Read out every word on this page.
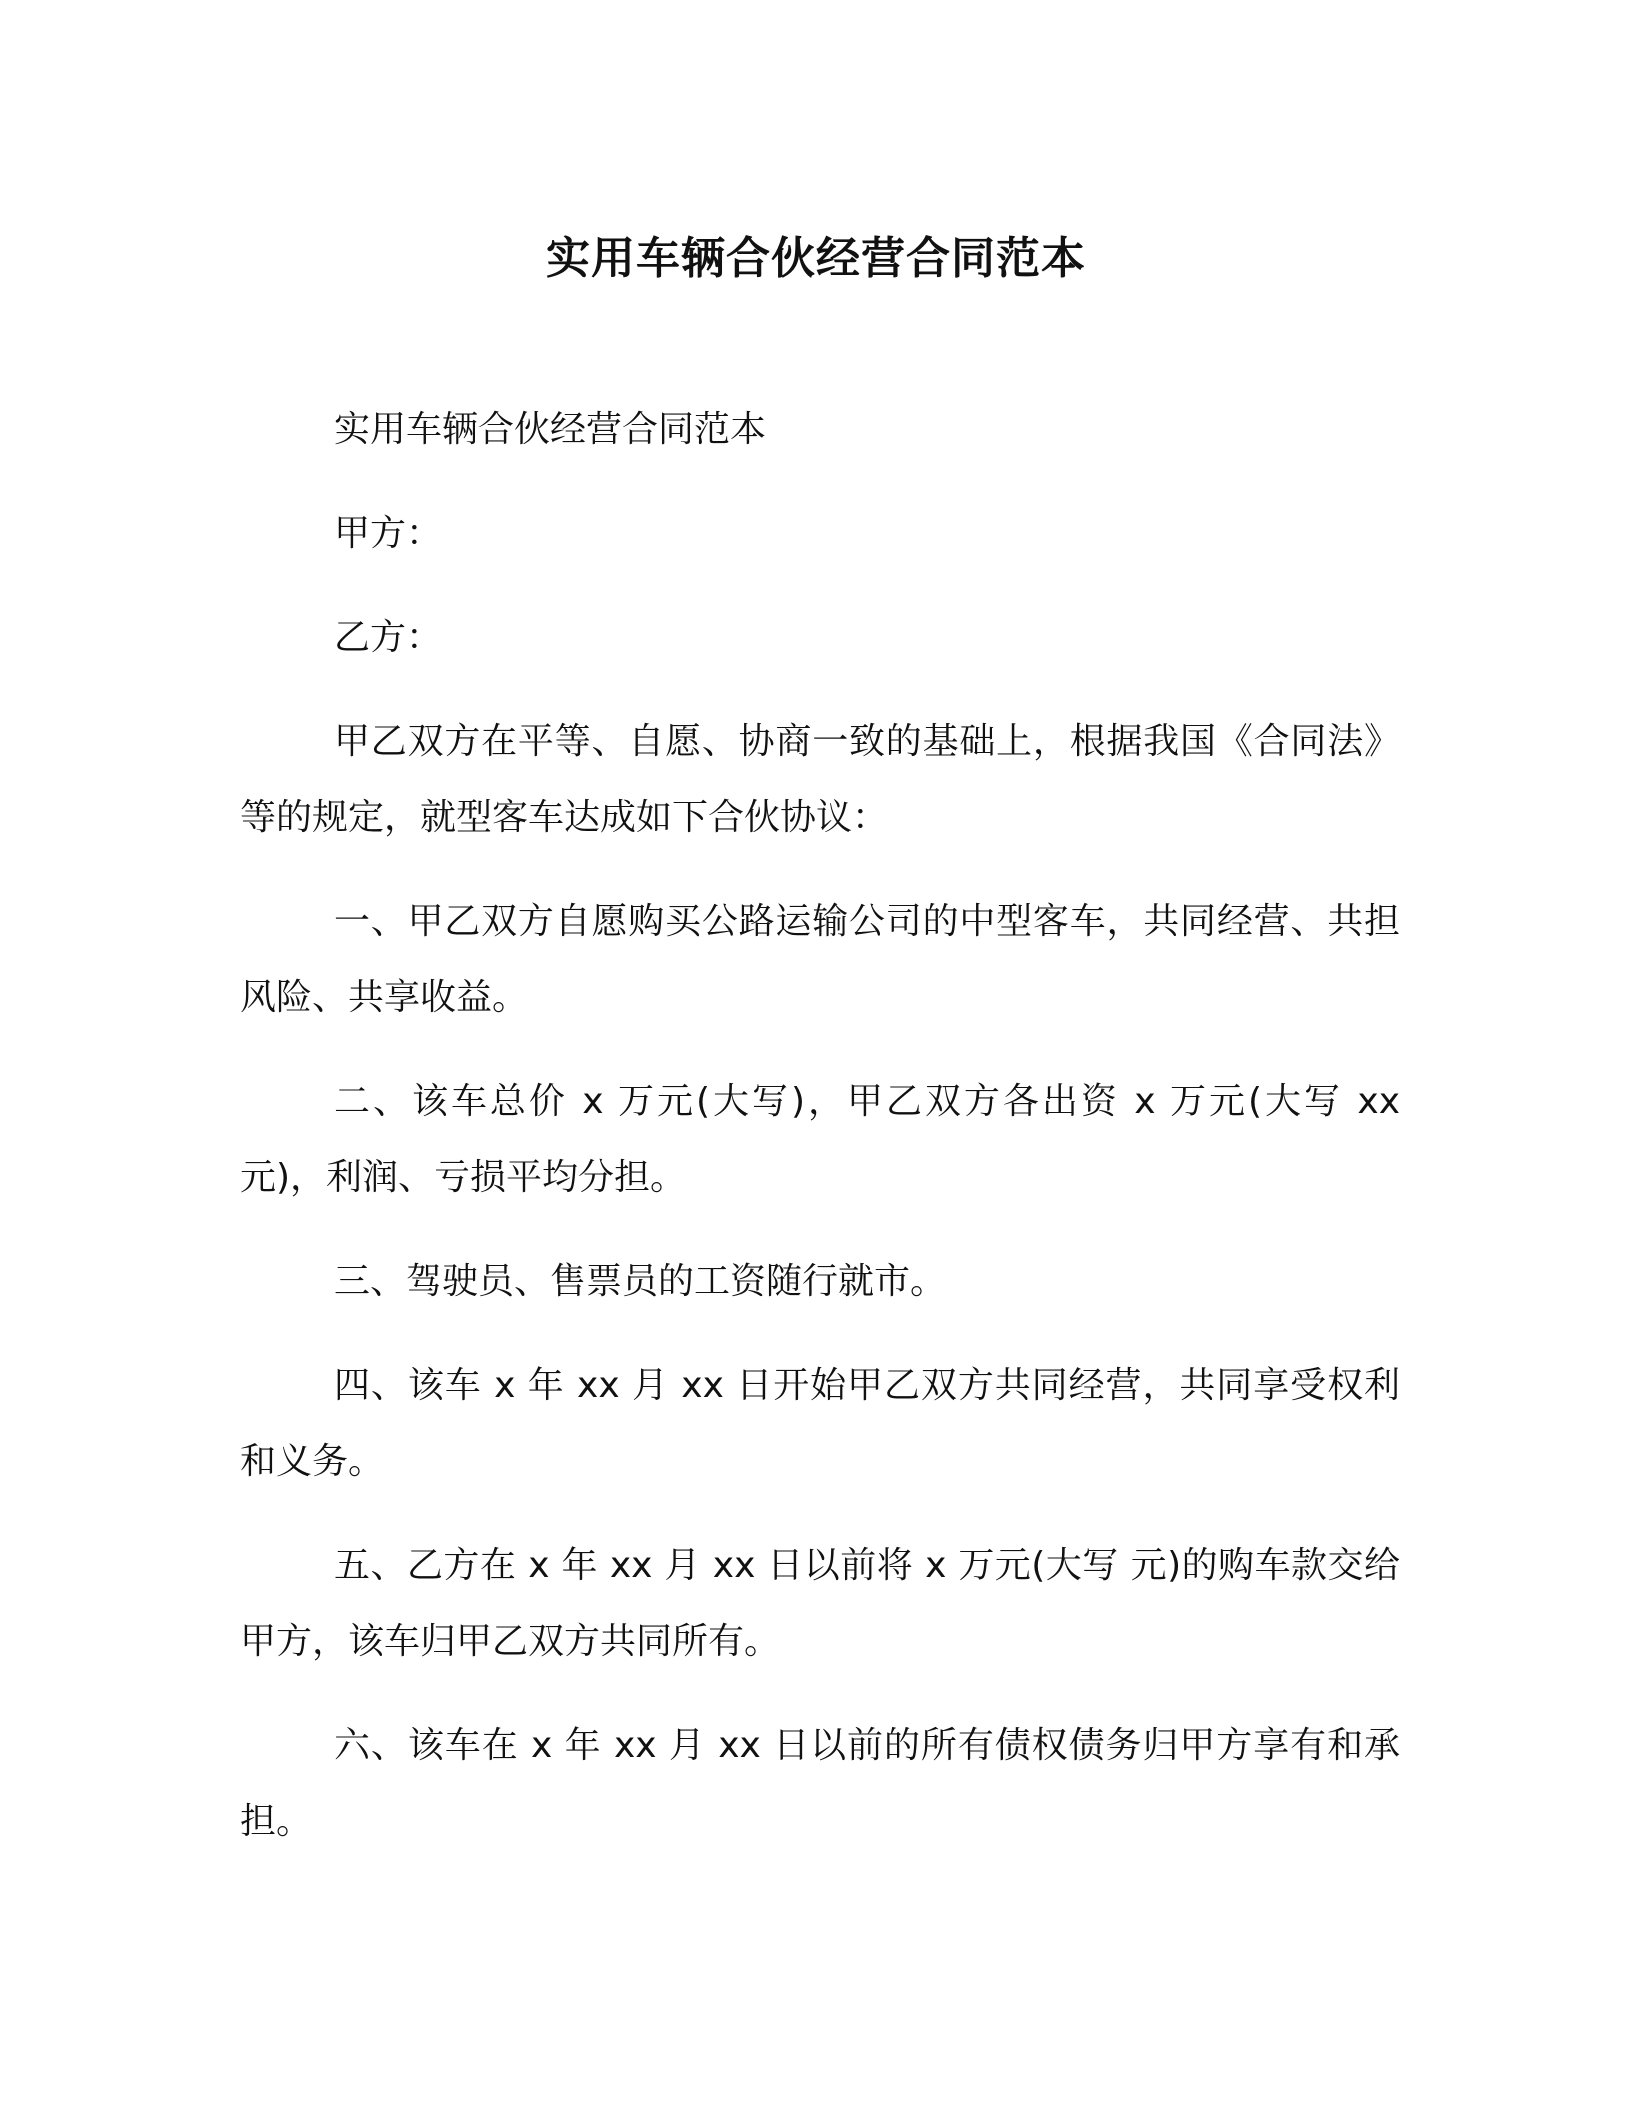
实用车辆合伙经营合同范本

实用车辆合伙经营合同范本

甲方：

乙方：

甲乙双方在平等、自愿、协商一致的基础上，根据我国《合同法》等的规定，就型客车达成如下合伙协议：

一、甲乙双方自愿购买公路运输公司的中型客车，共同经营、共担风险、共享收益。

二、该车总价 x 万元(大写)，甲乙双方各出资 x 万元(大写 xx 元)，利润、亏损平均分担。

三、驾驶员、售票员的工资随行就市。

四、该车 x 年 xx 月 xx 日开始甲乙双方共同经营，共同享受权利和义务。

五、乙方在 x 年 xx 月 xx 日以前将 x 万元(大写 元)的购车款交给甲方，该车归甲乙双方共同所有。

六、该车在 x 年 xx 月 xx 日以前的所有债权债务归甲方享有和承担。
